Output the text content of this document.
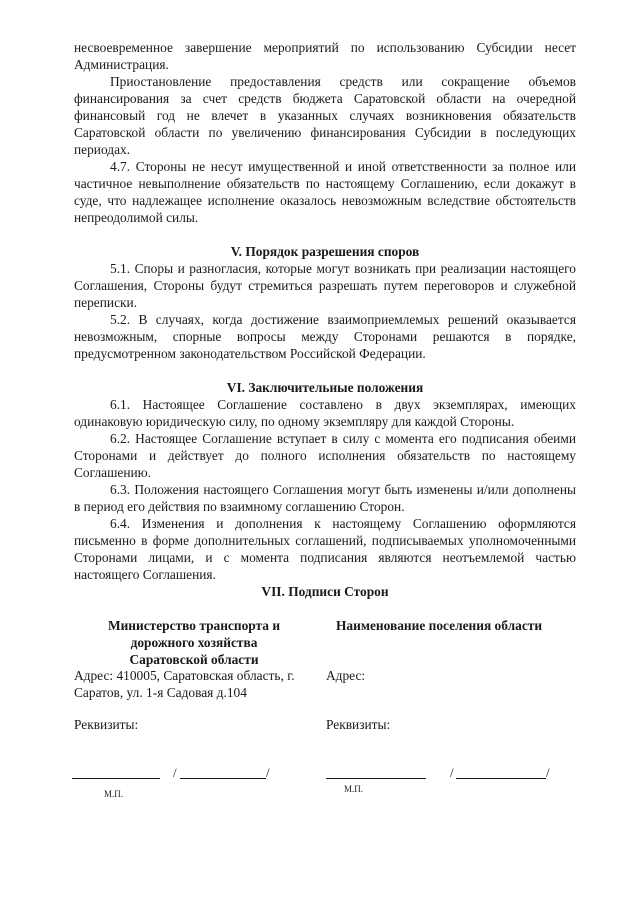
несвоевременное завершение мероприятий по использованию Субсидии несет Администрация.

Приостановление предоставления средств или сокращение объемов финансирования за счет средств бюджета Саратовской области на очередной финансовый год не влечет в указанных случаях возникновения обязательств Саратовской области по увеличению финансирования Субсидии в последующих периодах.

4.7. Стороны не несут имущественной и иной ответственности за полное или частичное невыполнение обязательств по настоящему Соглашению, если докажут в суде, что надлежащее исполнение оказалось невозможным вследствие обстоятельств непреодолимой силы.

V. Порядок разрешения споров

5.1. Споры и разногласия, которые могут возникать при реализации настоящего Соглашения, Стороны будут стремиться разрешать путем переговоров и служебной переписки.

5.2. В случаях, когда достижение взаимоприемлемых решений оказывается невозможным, спорные вопросы между Сторонами решаются в порядке, предусмотренном законодательством Российской Федерации.

VI. Заключительные положения

6.1. Настоящее Соглашение составлено в двух экземплярах, имеющих одинаковую юридическую силу, по одному экземпляру для каждой Стороны.

6.2. Настоящее Соглашение вступает в силу с момента его подписания обеими Сторонами и действует до полного исполнения обязательств по настоящему Соглашению.

6.3. Положения настоящего Соглашения могут быть изменены и/или дополнены в период его действия по взаимному соглашению Сторон.

6.4. Изменения и дополнения к настоящему Соглашению оформляются письменно в форме дополнительных соглашений, подписываемых уполномоченными Сторонами лицами, и с момента подписания являются неотъемлемой частью настоящего Соглашения.

VII. Подписи Сторон
Министерство транспорта и дорожного хозяйства Саратовской области
Адрес: 410005, Саратовская область, г. Саратов, ул. 1-я Садовая д.104
Реквизиты:
Наименование поселения области
Адрес:
Реквизиты:
/	/
М.П.
/	/
М.П.
